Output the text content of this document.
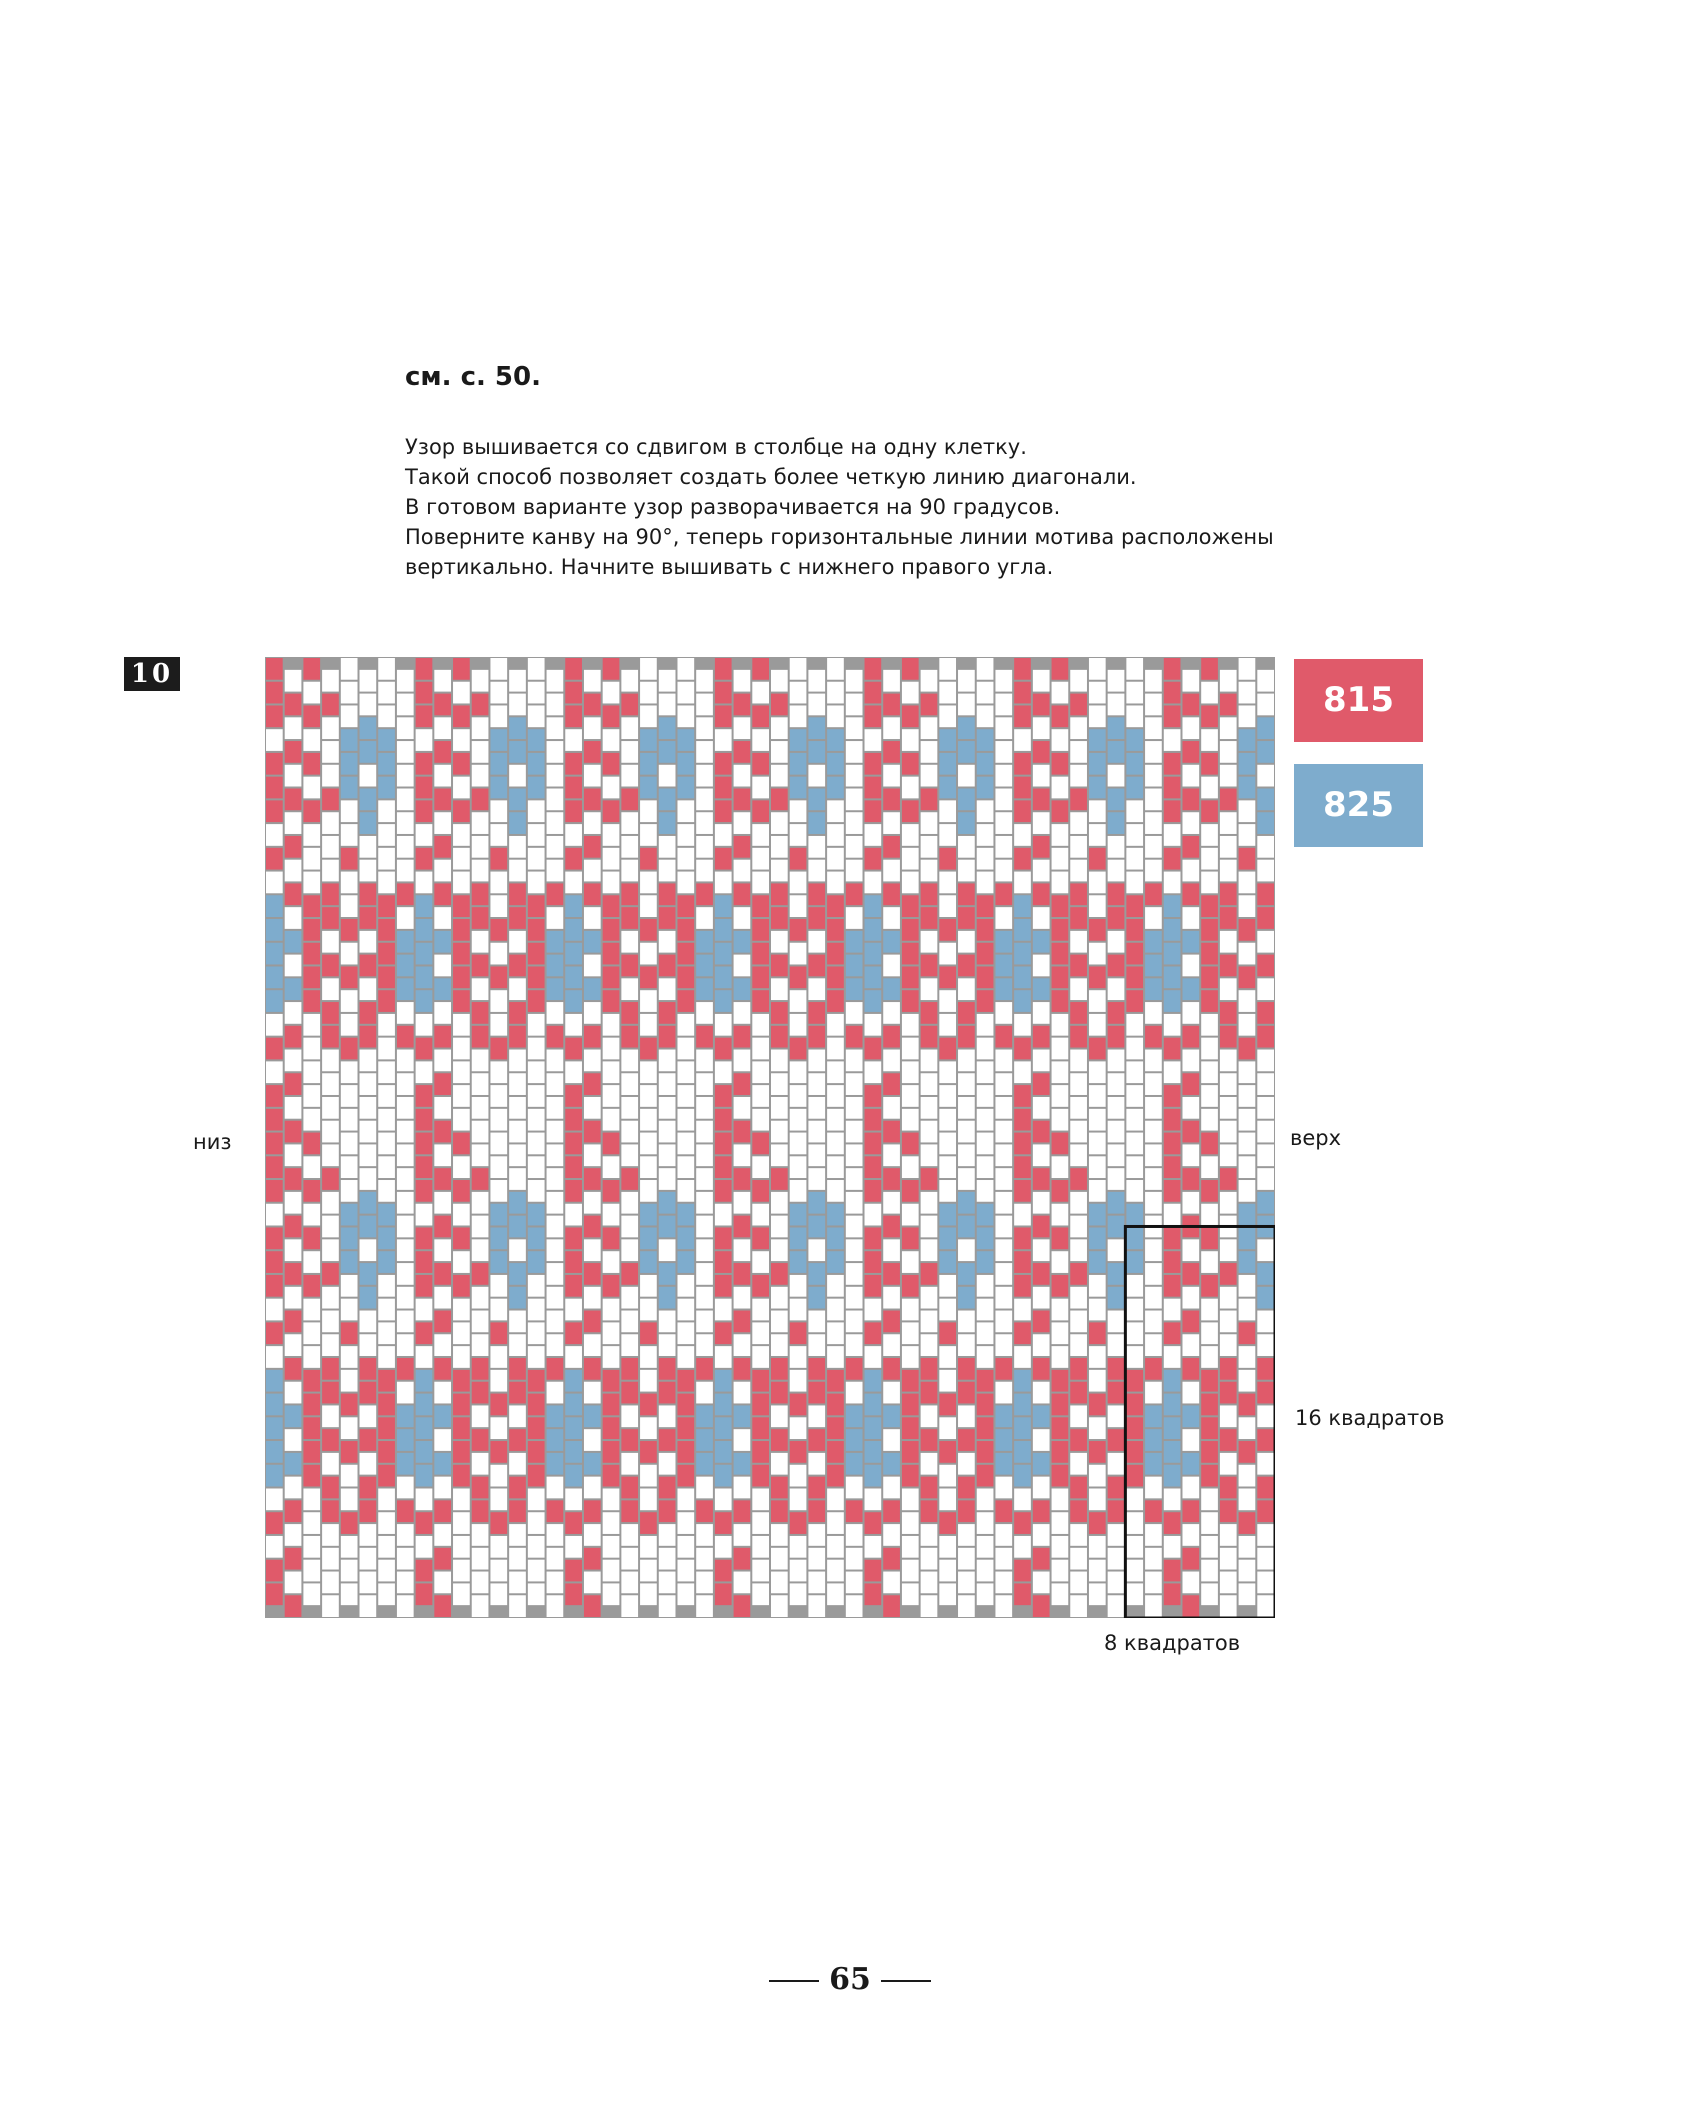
см. с. 50.
Узор вышивается со сдвигом в столбце на одну клетку.
Такой способ позволяет создать более четкую линию диагонали.
В готовом варианте узор разворачивается на 90 градусов.
Поверните канву на 90°, теперь горизонтальные линии мотива расположены
вертикально. Начните вышивать с нижнего правого угла.
10
815
825
низ	верх
16 квадратов
8 квадратов
65
